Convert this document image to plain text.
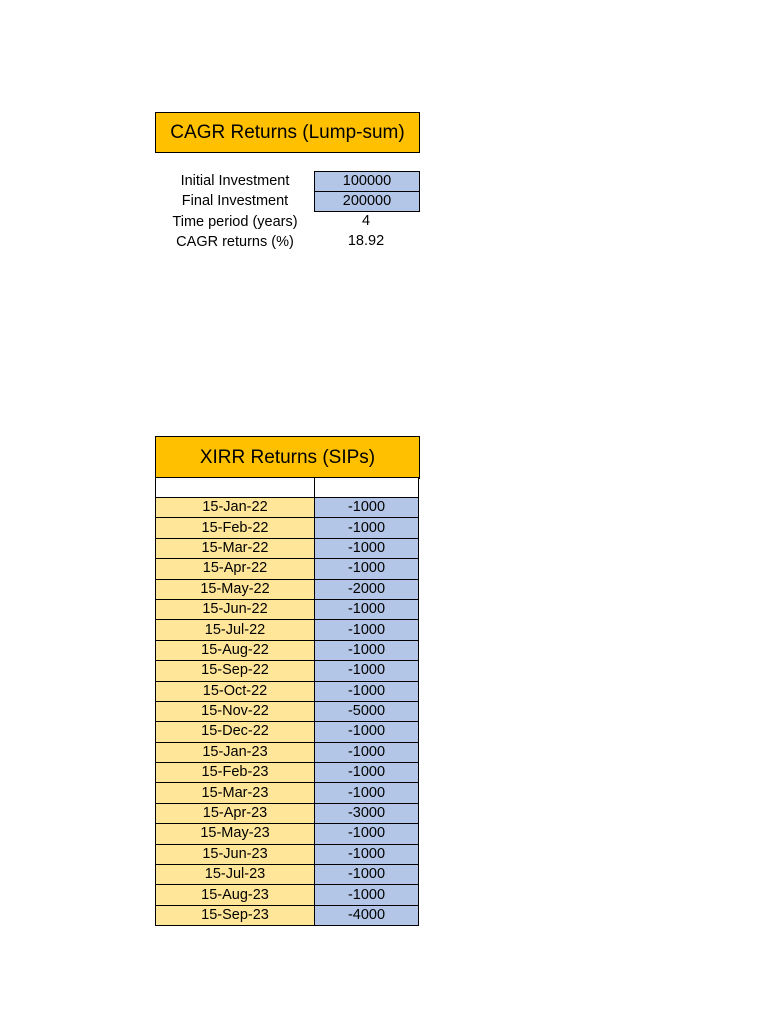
CAGR Returns (Lump-sum)
Initial Investment	100000
Final Investment	200000
Time period (years)	4
CAGR returns (%)	18.92
XIRR Returns (SIPs)

15-Jan-22	-1000
15-Feb-22	-1000
15-Mar-22	-1000
15-Apr-22	-1000
15-May-22	-2000
15-Jun-22	-1000
15-Jul-22	-1000
15-Aug-22	-1000
15-Sep-22	-1000
15-Oct-22	-1000
15-Nov-22	-5000
15-Dec-22	-1000
15-Jan-23	-1000
15-Feb-23	-1000
15-Mar-23	-1000
15-Apr-23	-3000
15-May-23	-1000
15-Jun-23	-1000
15-Jul-23	-1000
15-Aug-23	-1000
15-Sep-23	-4000
